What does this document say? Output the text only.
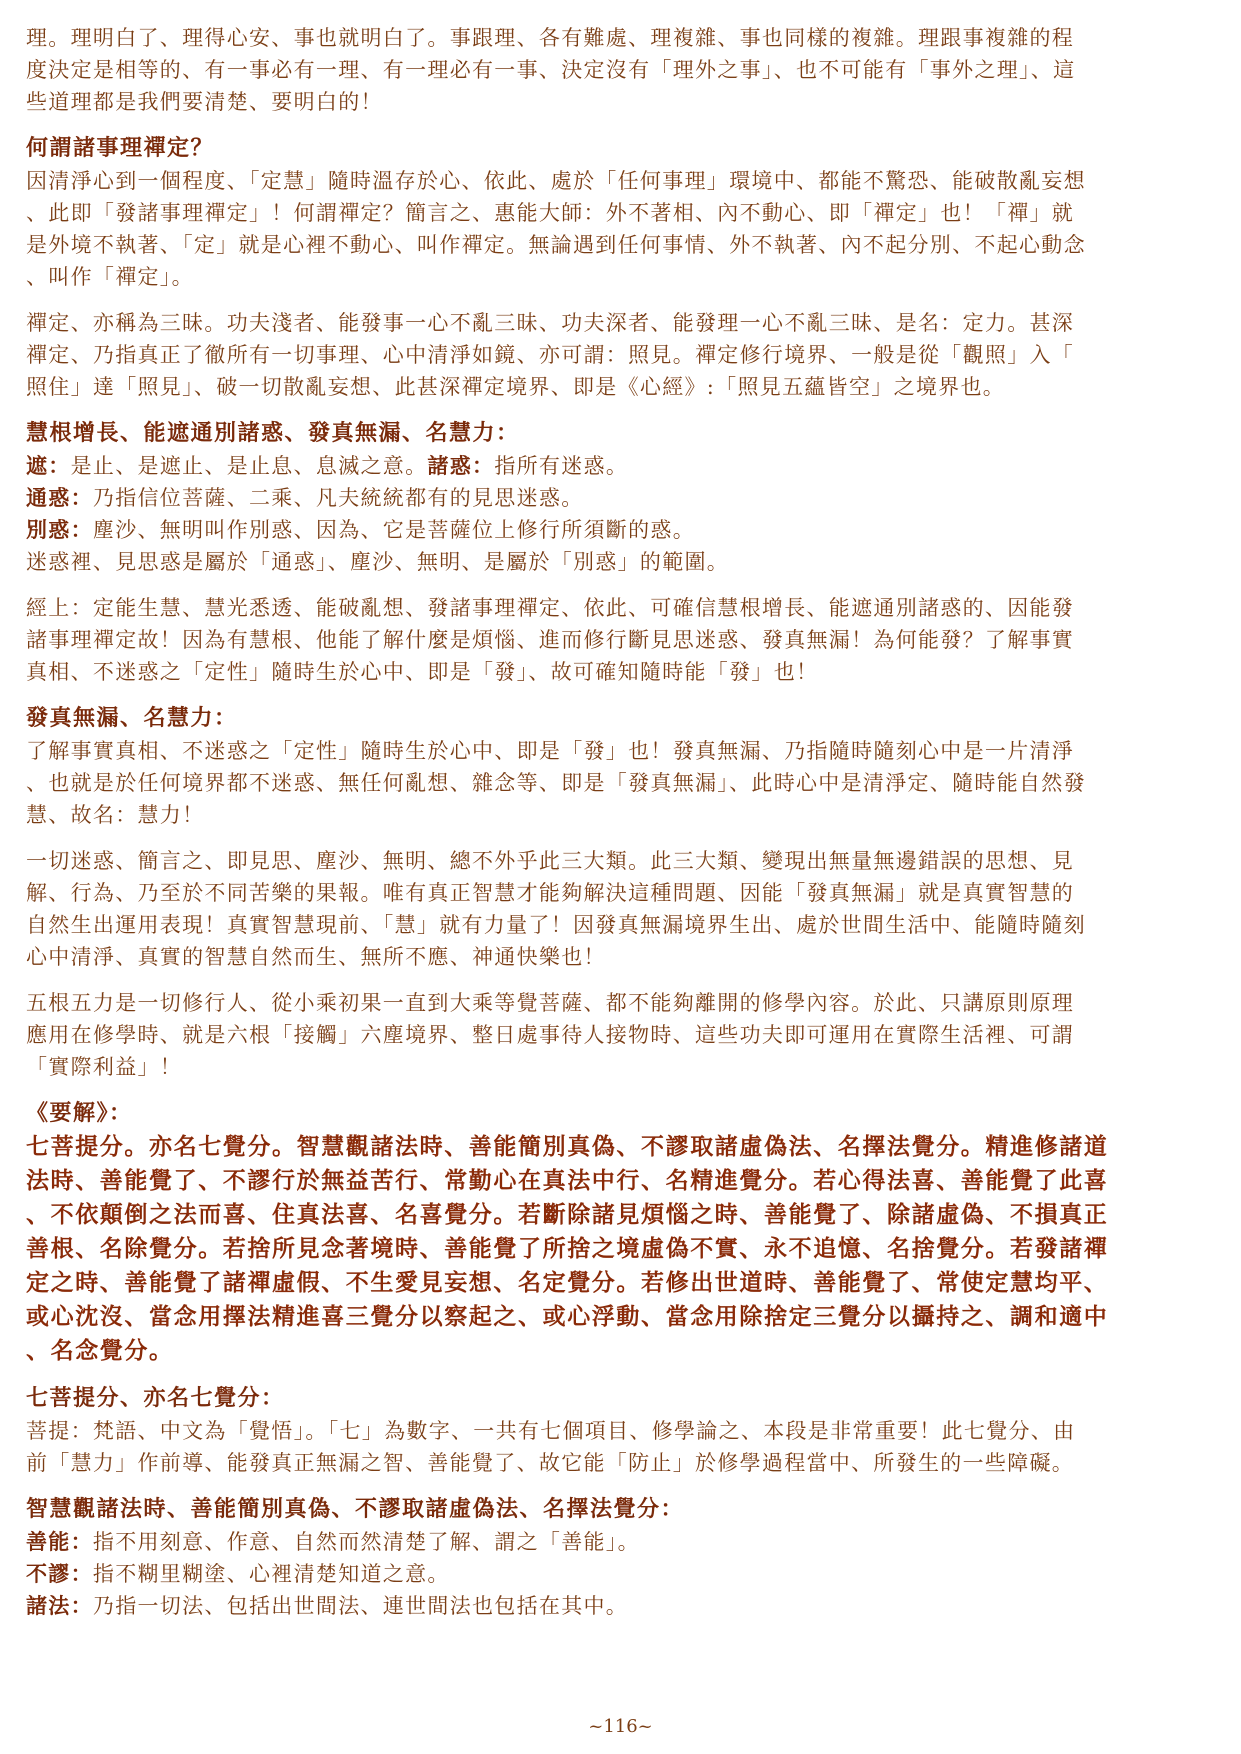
理。理明白了、理得心安、事也就明白了。事跟理、各有難處、理複雜、事也同樣的複雜。理跟事複雜的程

度決定是相等的、有一事必有一理、有一理必有一事、決定沒有「理外之事」、也不可能有「事外之理」、這

些道理都是我們要清楚、要明白的！

何謂諸事理禪定？

因清淨心到一個程度、「定慧」隨時溫存於心、依此、處於「任何事理」環境中、都能不驚恐、能破散亂妄想

、此即「發諸事理禪定」！何謂禪定？簡言之、惠能大師：外不著相、內不動心、即「禪定」也！「禪」就

是外境不執著、「定」就是心裡不動心、叫作禪定。無論遇到任何事情、外不執著、內不起分別、不起心動念

、叫作「禪定」。

禪定、亦稱為三昧。功夫淺者、能發事一心不亂三昧、功夫深者、能發理一心不亂三昧、是名：定力。甚深

禪定、乃指真正了徹所有一切事理、心中清淨如鏡、亦可謂：照見。禪定修行境界、一般是從「觀照」入「

照住」達「照見」、破一切散亂妄想、此甚深禪定境界、即是《心經》:「照見五蘊皆空」之境界也。

慧根增長、能遮通別諸惑、發真無漏、名慧力：

遮：是止、是遮止、是止息、息滅之意。諸惑：指所有迷惑。

通惑：乃指信位菩薩、二乘、凡夫統統都有的見思迷惑。

別惑：塵沙、無明叫作別惑、因為、它是菩薩位上修行所須斷的惑。

迷惑裡、見思惑是屬於「通惑」、塵沙、無明、是屬於「別惑」的範圍。

經上：定能生慧、慧光悉透、能破亂想、發諸事理禪定、依此、可確信慧根增長、能遮通別諸惑的、因能發

諸事理禪定故！因為有慧根、他能了解什麼是煩惱、進而修行斷見思迷惑、發真無漏！為何能發？了解事實

真相、不迷惑之「定性」隨時生於心中、即是「發」、故可確知隨時能「發」也！

發真無漏、名慧力：

了解事實真相、不迷惑之「定性」隨時生於心中、即是「發」也！發真無漏、乃指隨時隨刻心中是一片清淨

、也就是於任何境界都不迷惑、無任何亂想、雜念等、即是「發真無漏」、此時心中是清淨定、隨時能自然發

慧、故名：慧力！

一切迷惑、簡言之、即見思、塵沙、無明、總不外乎此三大類。此三大類、變現出無量無邊錯誤的思想、見

解、行為、乃至於不同苦樂的果報。唯有真正智慧才能夠解決這種問題、因能「發真無漏」就是真實智慧的

自然生出運用表現！真實智慧現前、「慧」就有力量了！因發真無漏境界生出、處於世間生活中、能隨時隨刻

心中清淨、真實的智慧自然而生、無所不應、神通快樂也！

五根五力是一切修行人、從小乘初果一直到大乘等覺菩薩、都不能夠離開的修學內容。於此、只講原則原理

應用在修學時、就是六根「接觸」六塵境界、整日處事待人接物時、這些功夫即可運用在實際生活裡、可謂

「實際利益」！

《要解》：

七菩提分。亦名七覺分。智慧觀諸法時、善能簡別真偽、不謬取諸虛偽法、名擇法覺分。精進修諸道

法時、善能覺了、不謬行於無益苦行、常勤心在真法中行、名精進覺分。若心得法喜、善能覺了此喜

、不依顛倒之法而喜、住真法喜、名喜覺分。若斷除諸見煩惱之時、善能覺了、除諸虛偽、不損真正

善根、名除覺分。若捨所見念著境時、善能覺了所捨之境虛偽不實、永不追憶、名捨覺分。若發諸禪

定之時、善能覺了諸禪虛假、不生愛見妄想、名定覺分。若修出世道時、善能覺了、常使定慧均平、

或心沈沒、當念用擇法精進喜三覺分以察起之、或心浮動、當念用除捨定三覺分以攝持之、調和適中

、名念覺分。

七菩提分、亦名七覺分：

菩提：梵語、中文為「覺悟」。「七」為數字、一共有七個項目、修學論之、本段是非常重要！此七覺分、由

前「慧力」作前導、能發真正無漏之智、善能覺了、故它能「防止」於修學過程當中、所發生的一些障礙。

智慧觀諸法時、善能簡別真偽、不謬取諸虛偽法、名擇法覺分：

善能：指不用刻意、作意、自然而然清楚了解、謂之「善能」。

不謬：指不糊里糊塗、心裡清楚知道之意。

諸法：乃指一切法、包括出世間法、連世間法也包括在其中。

~116~
